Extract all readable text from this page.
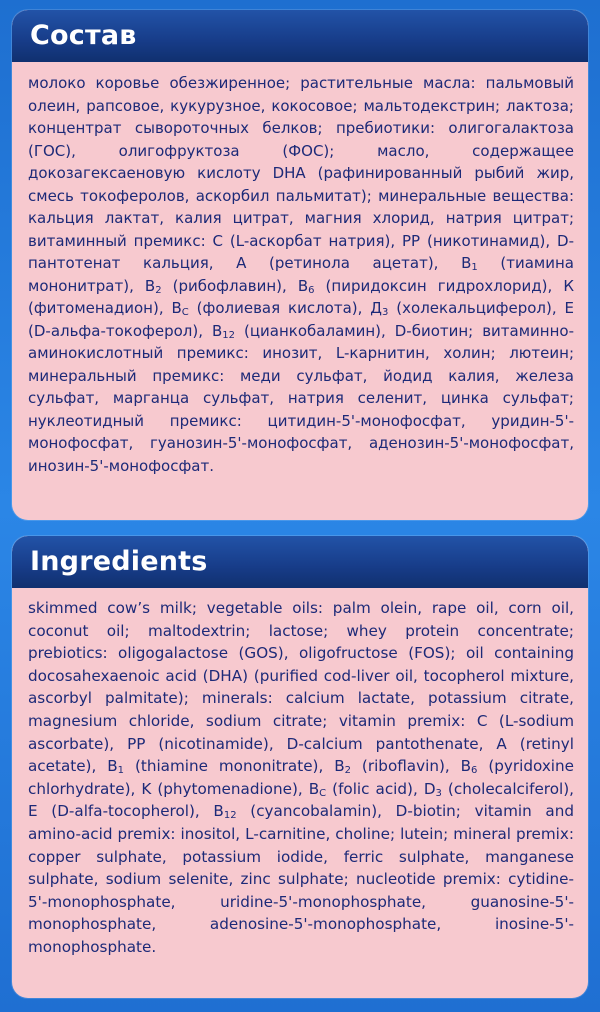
Состав
молоко коровье обезжиренное; растительные масла: пальмовый олеин, рапсовое, кукурузное, кокосовое; мальтодекстрин; лактоза; концентрат сывороточных белков; пребиотики: олигогалактоза (ГОС), олигофруктоза (ФОС); масло, содержащее докозагексаеновую кислоту DHA (рафинированный рыбий жир, смесь токоферолов, аскорбил пальмитат); минеральные вещества: кальция лактат, калия цитрат, магния хлорид, натрия цитрат; витаминный премикс: С (L-аскорбат натрия), РР (никотинамид), D-пантотенат кальция, А (ретинола ацетат), $В_1$ (тиамина мононитрат), $В_2$ (рибофлавин), $В_6$ (пиридоксин гидрохлорид), К (фитоменадион), $В_С$ (фолиевая кислота), $Д_3$ (холекальциферол), Е (D-альфа-токоферол), $В_{12}$ (цианкобаламин), D-биотин; витаминно-аминокислотный премикс: инозит, L-карнитин, холин; лютеин; минеральный премикс: меди сульфат, йодид калия, железа сульфат, марганца сульфат, натрия селенит, цинка сульфат; нуклеотидный премикс: цитидин-5'-монофосфат, уридин-5'-монофосфат, гуанозин-5'-монофосфат, аденозин-5'-монофосфат, инозин-5'-монофосфат.
Ingredients
skimmed cow’s milk; vegetable oils: palm olein, rape oil, corn oil, coconut oil; maltodextrin; lactose; whey protein concentrate; prebiotics: oligogalactose (GOS), oligofructose (FOS); oil containing docosahexaenoic acid (DHA) (purified cod-liver oil, tocopherol mixture, ascorbyl palmitate); minerals: calcium lactate, potassium citrate, magnesium chloride, sodium citrate; vitamin premix: C (L-sodium ascorbate), PP (nicotinamide), D-calcium pantothenate, A (retinyl acetate), $B_1$ (thiamine mononitrate), $B_2$ (riboflavin), $B_6$ (pyridoxine chlorhydrate), K (phytomenadione), $B_C$ (folic acid), $D_3$ (cholecalciferol), E (D-alfa-tocopherol), $B_{12}$ (cyancobalamin), D-biotin; vitamin and amino-acid premix: inositol, L-carnitine, choline; lutein; mineral premix: copper sulphate, potassium iodide, ferric sulphate, manganese sulphate, sodium selenite, zinc sulphate; nucleotide premix: cytidine-5'-monophosphate, uridine-5'-monophosphate, guanosine-5'-monophosphate, adenosine-5'-monophosphate, inosine-5'-monophosphate.
